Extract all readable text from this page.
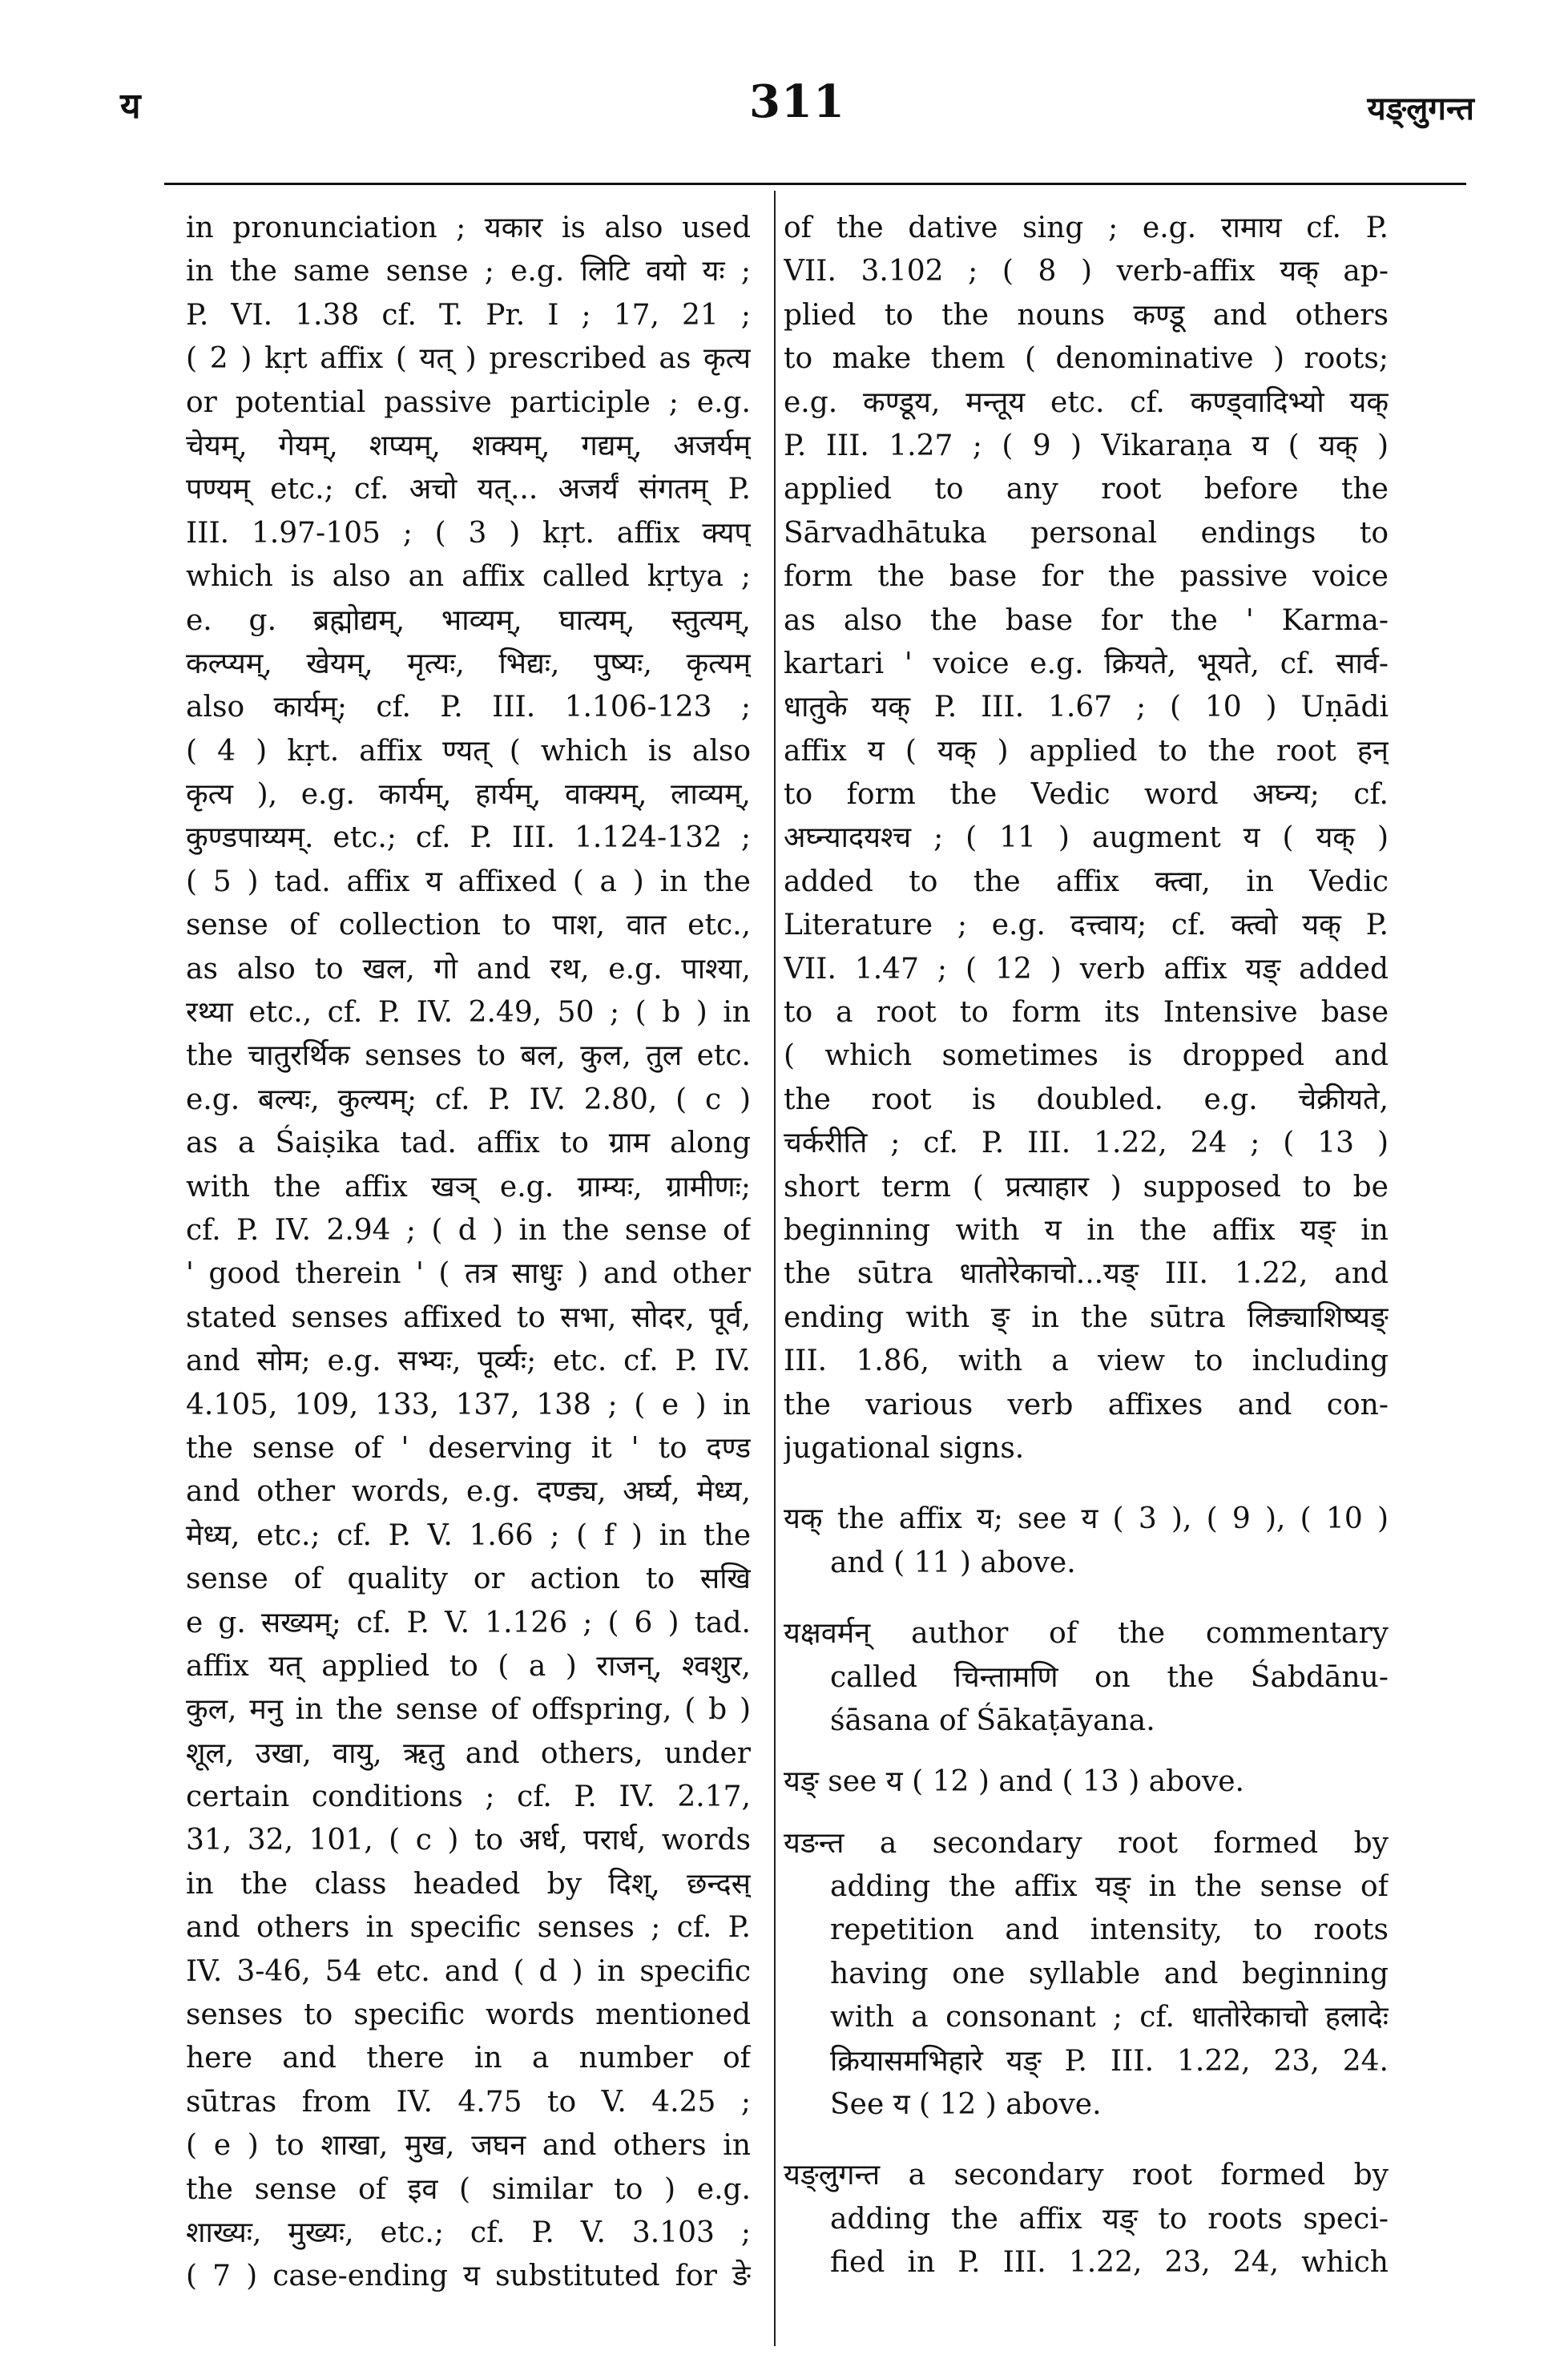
य	311	यङ्लुगन्त
in pronunciation ; यकार is also used
in the same sense ; e.g. लिटि वयो यः ;
P. VI. 1.38 cf. T. Pr. I ; 17, 21 ;
( 2 ) kṛt affix ( यत् ) prescribed as कृत्य
or potential passive participle ; e.g.
चेयम्, गेयम्, शप्यम्, शक्यम्, गद्यम्, अजर्यम्
पण्यम् etc.; cf. अचो यत्... अजर्यं संगतम् P.
III. 1.97-105 ; ( 3 ) kṛt. affix क्यप्
which is also an affix called kṛtya ;
e. g. ब्रह्मोद्यम्, भाव्यम्, घात्यम्, स्तुत्यम्,
कल्प्यम्, खेयम्, मृत्यः, भिद्यः, पुष्यः, कृत्यम्
also कार्यम्; cf. P. III. 1.106-123 ;
( 4 ) kṛt. affix ण्यत् ( which is also
कृत्य ), e.g. कार्यम्, हार्यम्, वाक्यम्, लाव्यम्,
कुण्डपाय्यम्. etc.; cf. P. III. 1.124-132 ;
( 5 ) tad. affix य affixed ( a ) in the
sense of collection to पाश, वात etc.,
as also to खल, गो and रथ, e.g. पाश्या,
रथ्या etc., cf. P. IV. 2.49, 50 ; ( b ) in
the चातुरर्थिक senses to बल, कुल, तुल etc.
e.g. बल्यः, कुल्यम्; cf. P. IV. 2.80, ( c )
as a Śaiṣika tad. affix to ग्राम along
with the affix खञ् e.g. ग्राम्यः, ग्रामीणः;
cf. P. IV. 2.94 ; ( d ) in the sense of
' good therein ' ( तत्र साधुः ) and other
stated senses affixed to सभा, सोदर, पूर्व,
and सोम; e.g. सभ्यः, पूर्व्यः; etc. cf. P. IV.
4.105, 109, 133, 137, 138 ; ( e ) in
the sense of ' deserving it ' to दण्ड
and other words, e.g. दण्ड्य, अर्घ्य, मेध्य,
मेध्य, etc.; cf. P. V. 1.66 ; ( f ) in the
sense of quality or action to सखि
e g. सख्यम्; cf. P. V. 1.126 ; ( 6 ) tad.
affix यत् applied to ( a ) राजन्, श्वशुर,
कुल, मनु in the sense of offspring, ( b )
शूल, उखा, वायु, ऋतु and others, under
certain conditions ; cf. P. IV. 2.17,
31, 32, 101, ( c ) to अर्ध, परार्ध, words
in the class headed by दिश्, छन्दस्
and others in specific senses ; cf. P.
IV. 3-46, 54 etc. and ( d ) in specific
senses to specific words mentioned
here and there in a number of
sūtras from IV. 4.75 to V. 4.25 ;
( e ) to शाखा, मुख, जघन and others in
the sense of इव ( similar to ) e.g.
शाख्यः, मुख्यः, etc.; cf. P. V. 3.103 ;
( 7 ) case-ending य substituted for ङे
of the dative sing ; e.g. रामाय cf. P.
VII. 3.102 ; ( 8 ) verb-affix यक् ap-
plied to the nouns कण्डू and others
to make them ( denominative ) roots;
e.g. कण्डूय, मन्तूय etc. cf. कण्ड्वादिभ्यो यक्
P. III. 1.27 ; ( 9 ) Vikaraṇa य ( यक् )
applied to any root before the
Sārvadhātuka personal endings to
form the base for the passive voice
as also the base for the ' Karma-
kartari ' voice e.g. क्रियते, भूयते, cf. सार्व-
धातुके यक् P. III. 1.67 ; ( 10 ) Uṇādi
affix य ( यक् ) applied to the root हन्
to form the Vedic word अघ्न्य; cf.
अघ्न्यादयश्च ; ( 11 ) augment य ( यक् )
added to the affix क्त्वा, in Vedic
Literature ; e.g. दत्त्वाय; cf. क्त्वो यक् P.
VII. 1.47 ; ( 12 ) verb affix यङ् added
to a root to form its Intensive base
( which sometimes is dropped and
the root is doubled. e.g. चेक्रीयते,
चर्करीति ; cf. P. III. 1.22, 24 ; ( 13 )
short term ( प्रत्याहार ) supposed to be
beginning with य in the affix यङ् in
the sūtra धातोरेकाचो...यङ् III. 1.22, and
ending with ङ् in the sūtra लिङ्याशिष्यङ्
III. 1.86, with a view to including
the various verb affixes and con-
jugational signs.
यक् the affix य; see य ( 3 ), ( 9 ), ( 10 )
and ( 11 ) above.
यक्षवर्मन् author of the commentary
called चिन्तामणि on the Śabdānu-
śāsana of Śākaṭāyana.
यङ् see य ( 12 ) and ( 13 ) above.
यङन्त a secondary root formed by
adding the affix यङ् in the sense of
repetition and intensity, to roots
having one syllable and beginning
with a consonant ; cf. धातोरेकाचो हलादेः
क्रियासमभिहारे यङ् P. III. 1.22, 23, 24.
See य ( 12 ) above.
यङ्लुगन्त a secondary root formed by
adding the affix यङ् to roots speci-
fied in P. III. 1.22, 23, 24, which
